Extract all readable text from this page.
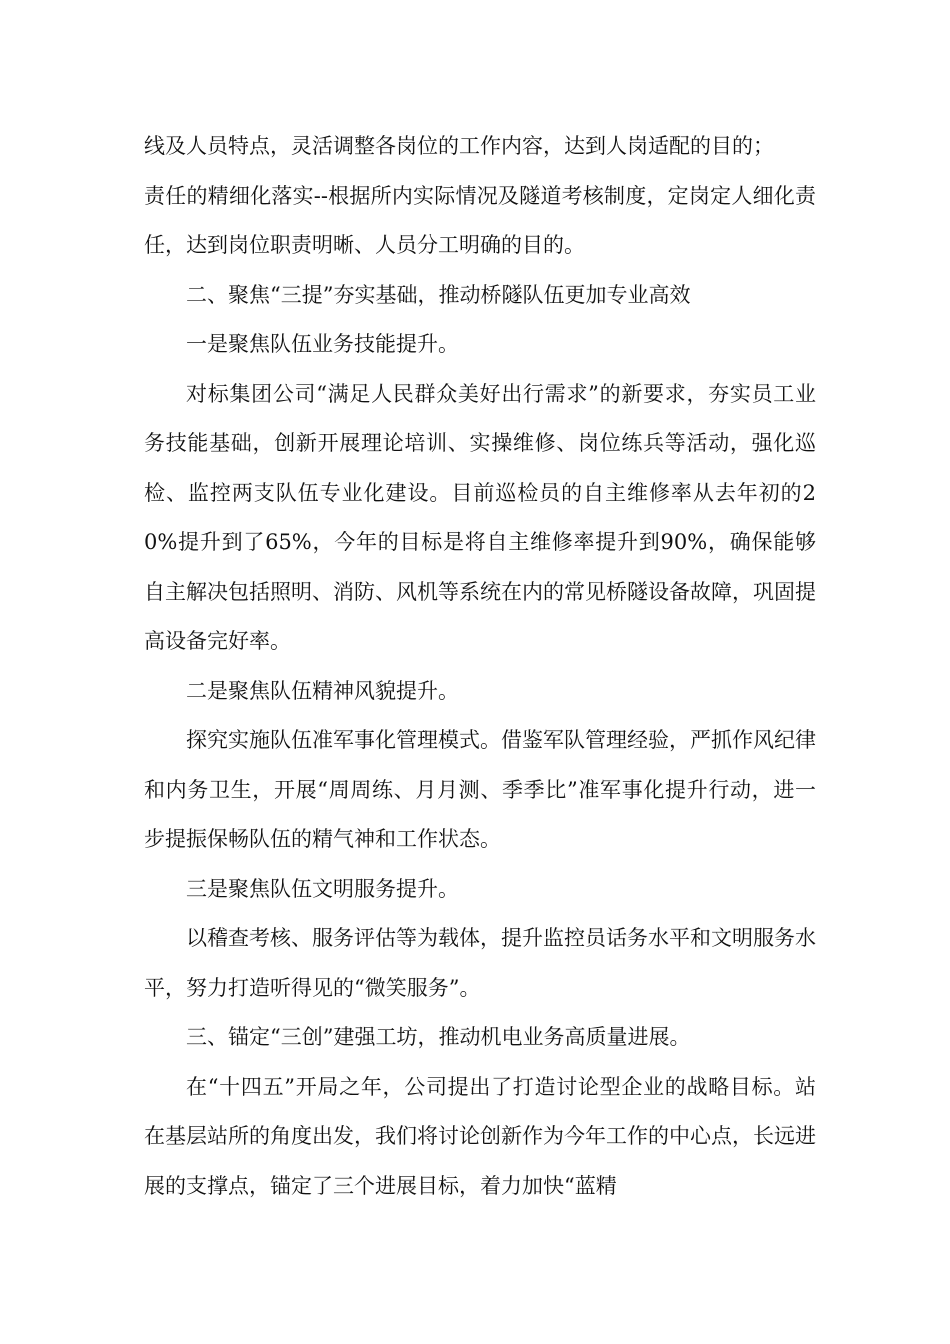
线及人员特点，灵活调整各岗位的工作内容，达到人岗适配的目的；

责任的精细化落实--根据所内实际情况及隧道考核制度，定岗定人细化责任，达到岗位职责明晰、人员分工明确的目的。

二、聚焦“三提”夯实基础，推动桥隧队伍更加专业高效

一是聚焦队伍业务技能提升。

对标集团公司“满足人民群众美好出行需求”的新要求，夯实员工业务技能基础，创新开展理论培训、实操维修、岗位练兵等活动，强化巡检、监控两支队伍专业化建设。目前巡检员的自主维修率从去年初的20%提升到了65%，今年的目标是将自主维修率提升到90%，确保能够自主解决包括照明、消防、风机等系统在内的常见桥隧设备故障，巩固提高设备完好率。

二是聚焦队伍精神风貌提升。

探究实施队伍准军事化管理模式。借鉴军队管理经验，严抓作风纪律和内务卫生，开展“周周练、月月测、季季比”准军事化提升行动，进一步提振保畅队伍的精气神和工作状态。

三是聚焦队伍文明服务提升。

以稽查考核、服务评估等为载体，提升监控员话务水平和文明服务水平，努力打造听得见的“微笑服务”。

三、锚定“三创”建强工坊，推动机电业务高质量进展。

在“十四五”开局之年，公司提出了打造讨论型企业的战略目标。站在基层站所的角度出发，我们将讨论创新作为今年工作的中心点，长远进展的支撑点，锚定了三个进展目标，着力加快“蓝精
